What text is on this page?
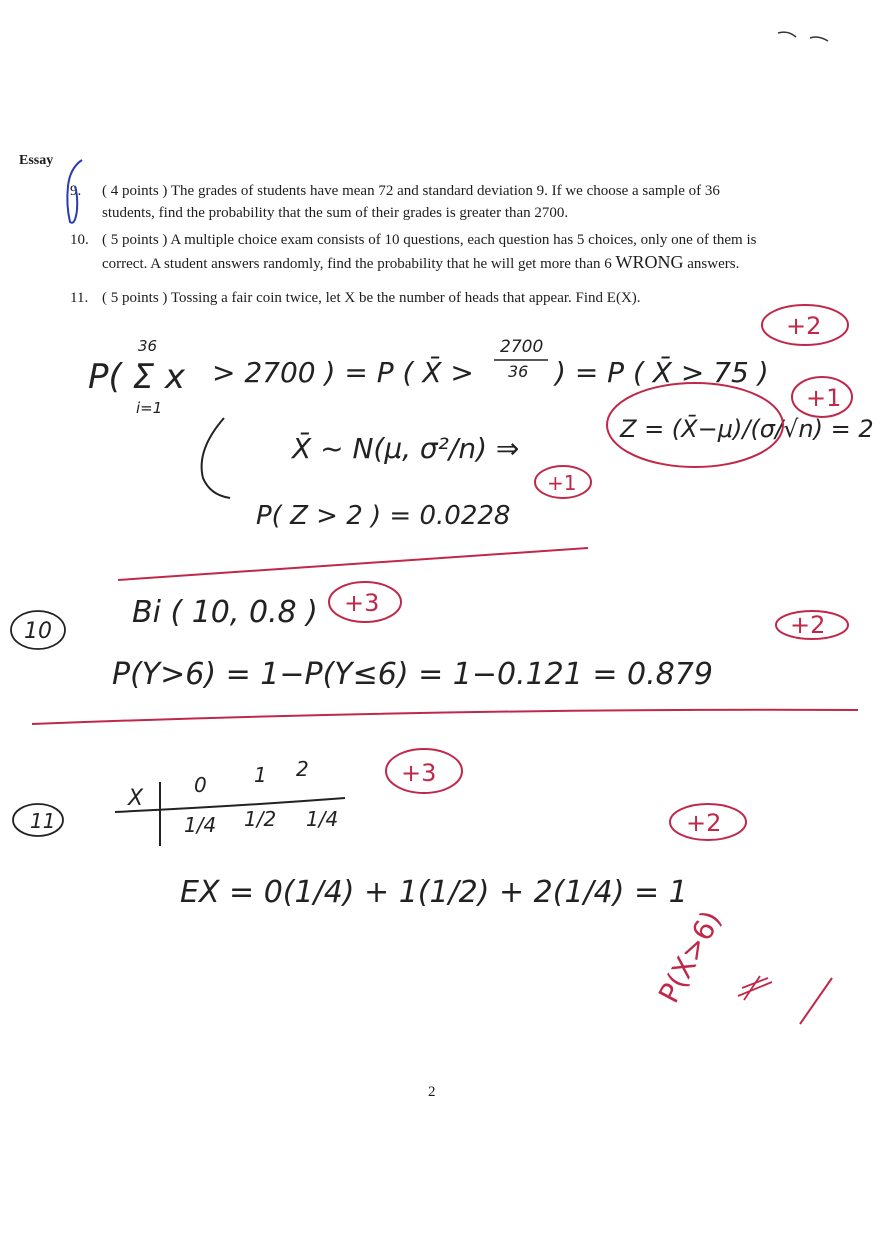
Essay
9. ( 4 points ) The grades of students have mean 72 and standard deviation 9. If we choose a sample of 36
students, find the probability that the sum of their grades is greater than 2700.
10. ( 5 points ) A multiple choice exam consists of 10 questions, each question has 5 choices, only one of them is
correct. A student answers randomly, find the probability that he will get more than 6 WRONG answers.
11. ( 5 points ) Tossing a fair coin twice, let X be the number of heads that appear. Find E(X).
2
P( Σ x
36
i=1
> 2700 ) = P ( X̄ >
2700
36 ) = P ( X̄ > 75 )
X̄ ~ N(μ, σ²/n) ⇒
Z = (X̄−μ)/(σ/√n) = 2
P( Z > 2 ) = 0.0228
10
Bi ( 10, 0.8 )
P(Y>6) = 1−P(Y≤6) = 1−0.121 = 0.879
11
X
0 1 2
1/4 1/2 1/4
EX = 0(1/4) + 1(1/2) + 2(1/4) = 1
+2
+1
+1
+3
+2
+3
+2
P(X>6)
